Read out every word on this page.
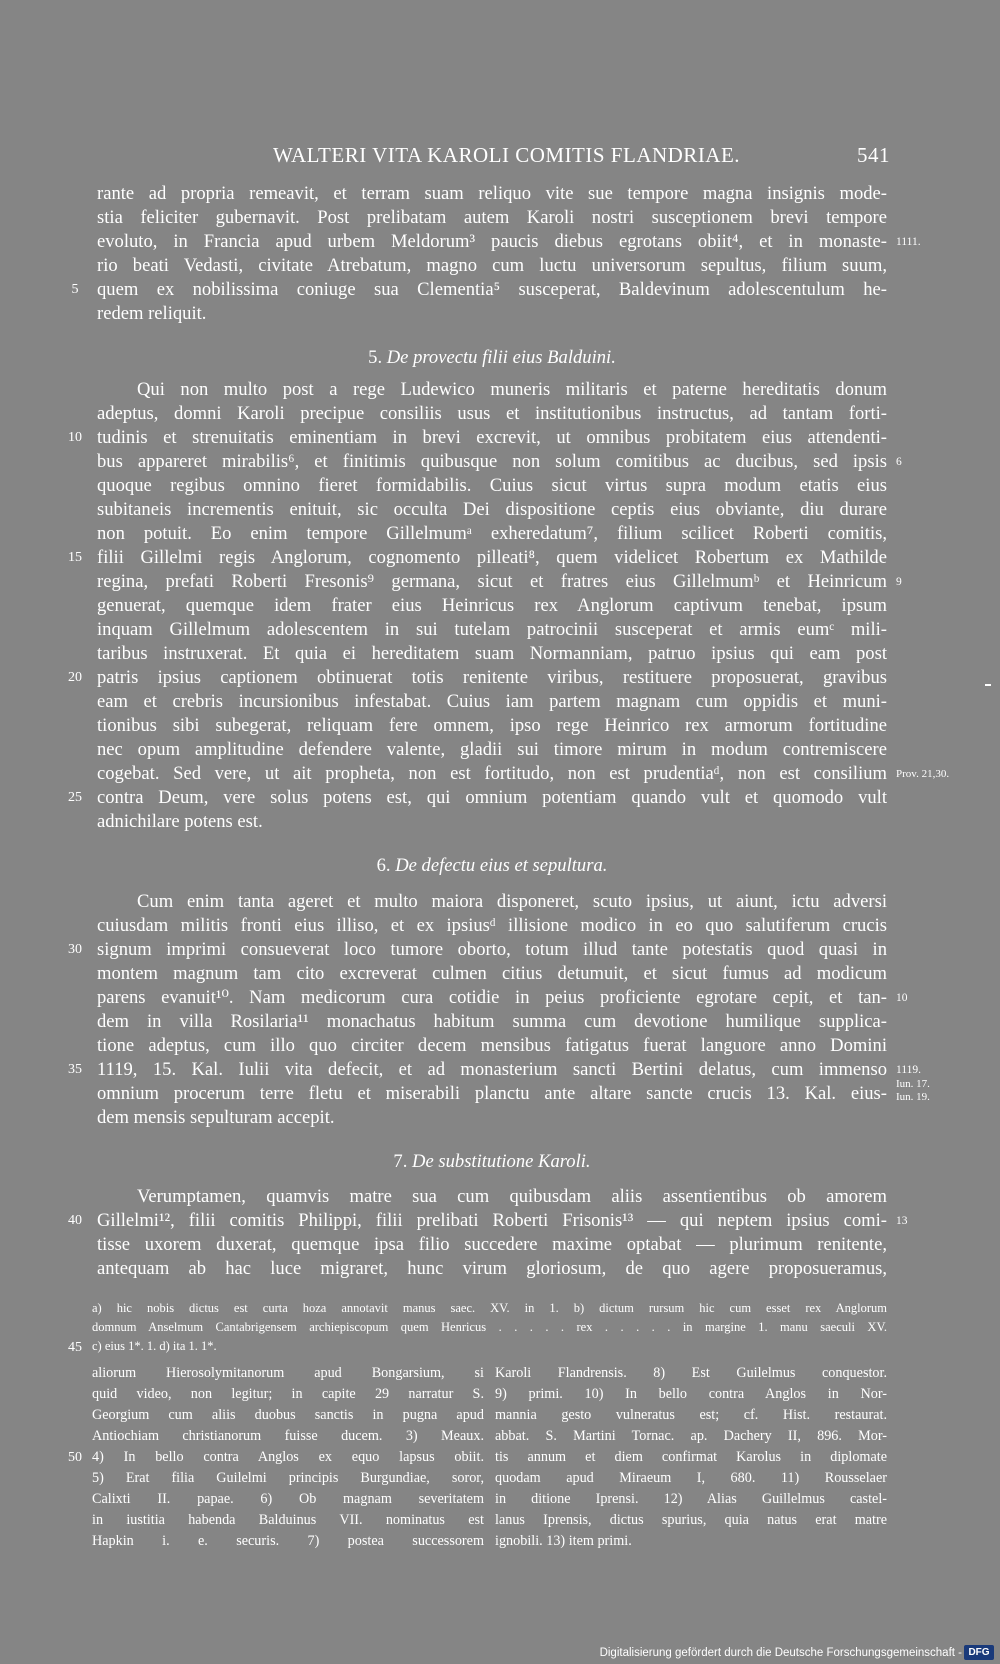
WALTERI VITA KAROLI COMITIS FLANDRIAE.	541
rante ad propria remeavit, et terram suam reliquo vite sue tempore magna insignis mode-
stia feliciter gubernavit. Post prelibatam autem Karoli nostri susceptionem brevi tempore
evoluto, in Francia apud urbem Meldorum³ paucis diebus egrotans obiit⁴, et in monaste-
rio beati Vedasti, civitate Atrebatum, magno cum luctu universorum sepultus, filium suum,
quem ex nobilissima coniuge sua Clementia⁵ susceperat, Baldevinum adolescentulum he-
redem reliquit.
5. De provectu filii eius Balduini.
Qui non multo post a rege Ludewico muneris militaris et paterne hereditatis donum
adeptus, domni Karoli precipue consiliis usus et institutionibus instructus, ad tantam forti-
tudinis et strenuitatis eminentiam in brevi excrevit, ut omnibus probitatem eius attendenti-
bus appareret mirabilis⁶, et finitimis quibusque non solum comitibus ac ducibus, sed ipsis
quoque regibus omnino fieret formidabilis. Cuius sicut virtus supra modum etatis eius
subitaneis incrementis enituit, sic occulta Dei dispositione ceptis eius obviante, diu durare
non potuit. Eo enim tempore Gillelmumᵃ exheredatum⁷, filium scilicet Roberti comitis,
filii Gillelmi regis Anglorum, cognomento pilleati⁸, quem videlicet Robertum ex Mathilde
regina, prefati Roberti Fresonis⁹ germana, sicut et fratres eius Gillelmumᵇ et Heinricum
genuerat, quemque idem frater eius Heinricus rex Anglorum captivum tenebat, ipsum
inquam Gillelmum adolescentem in sui tutelam patrocinii susceperat et armis eumᶜ mili-
taribus instruxerat. Et quia ei hereditatem suam Normanniam, patruo ipsius qui eam post
patris ipsius captionem obtinuerat totis renitente viribus, restituere proposuerat, gravibus
eam et crebris incursionibus infestabat. Cuius iam partem magnam cum oppidis et muni-
tionibus sibi subegerat, reliquam fere omnem, ipso rege Heinrico rex armorum fortitudine
nec opum amplitudine defendere valente, gladii sui timore mirum in modum contremiscere
cogebat. Sed vere, ut ait propheta, non est fortitudo, non est prudentiaᵈ, non est consilium
contra Deum, vere solus potens est, qui omnium potentiam quando vult et quomodo vult
adnichilare potens est.
6. De defectu eius et sepultura.
Cum enim tanta ageret et multo maiora disponeret, scuto ipsius, ut aiunt, ictu adversi
cuiusdam militis fronti eius illiso, et ex ipsiusᵈ illisione modico in eo quo salutiferum crucis
signum imprimi consueverat loco tumore oborto, totum illud tante potestatis quod quasi in
montem magnum tam cito excreverat culmen citius detumuit, et sicut fumus ad modicum
parens evanuit¹⁰. Nam medicorum cura cotidie in peius proficiente egrotare cepit, et tan-
dem in villa Rosilaria¹¹ monachatus habitum summa cum devotione humilique supplica-
tione adeptus, cum illo quo circiter decem mensibus fatigatus fuerat languore anno Domini
1119, 15. Kal. Iulii vita defecit, et ad monasterium sancti Bertini delatus, cum immenso
omnium procerum terre fletu et miserabili planctu ante altare sancte crucis 13. Kal. eius-
dem mensis sepulturam accepit.
7. De substitutione Karoli.
Verumptamen, quamvis matre sua cum quibusdam aliis assentientibus ob amorem
Gillelmi¹², filii comitis Philippi, filii prelibati Roberti Frisonis¹³ — qui neptem ipsius comi-
tisse uxorem duxerat, quemque ipsa filio succedere maxime optabat — plurimum renitente,
antequam ab hac luce migraret, hunc virum gloriosum, de quo agere proposueramus,
5
10
15
20
25
30
35
40
45
50
1111.
6
9
Prov. 21,30.
10
1119.
Iun. 17.
Iun. 19.
13
a) hic nobis dictus est curta hoza annotavit manus saec. XV. in 1. b) dictum rursum hic cum esset rex Anglorum
domnum Anselmum Cantabrigensem archiepiscopum quem Henricus . . . . . rex . . . . . in margine 1. manu saeculi XV.
c) eius 1*. 1. d) ita 1. 1*.
aliorum Hierosolymitanorum apud Bongarsium, si
quid video, non legitur; in capite 29 narratur S.
Georgium cum aliis duobus sanctis in pugna apud
Antiochiam christianorum fuisse ducem. 3) Meaux.
4) In bello contra Anglos ex equo lapsus obiit.
5) Erat filia Guilelmi principis Burgundiae, soror,
Calixti II. papae. 6) Ob magnam severitatem
in iustitia habenda Balduinus VII. nominatus est
Hapkin i. e. securis. 7) postea successorem
Karoli Flandrensis. 8) Est Guilelmus conquestor.
9) primi. 10) In bello contra Anglos in Nor-
mannia gesto vulneratus est; cf. Hist. restaurat.
abbat. S. Martini Tornac. ap. Dachery II, 896. Mor-
tis annum et diem confirmat Karolus in diplomate
quodam apud Miraeum I, 680. 11) Rousselaer
in ditione Iprensi. 12) Alias Guillelmus castel-
lanus Iprensis, dictus spurius, quia natus erat matre
ignobili. 13) item primi.
Digitalisierung gefördert durch die Deutsche Forschungsgemeinschaft - DFG
